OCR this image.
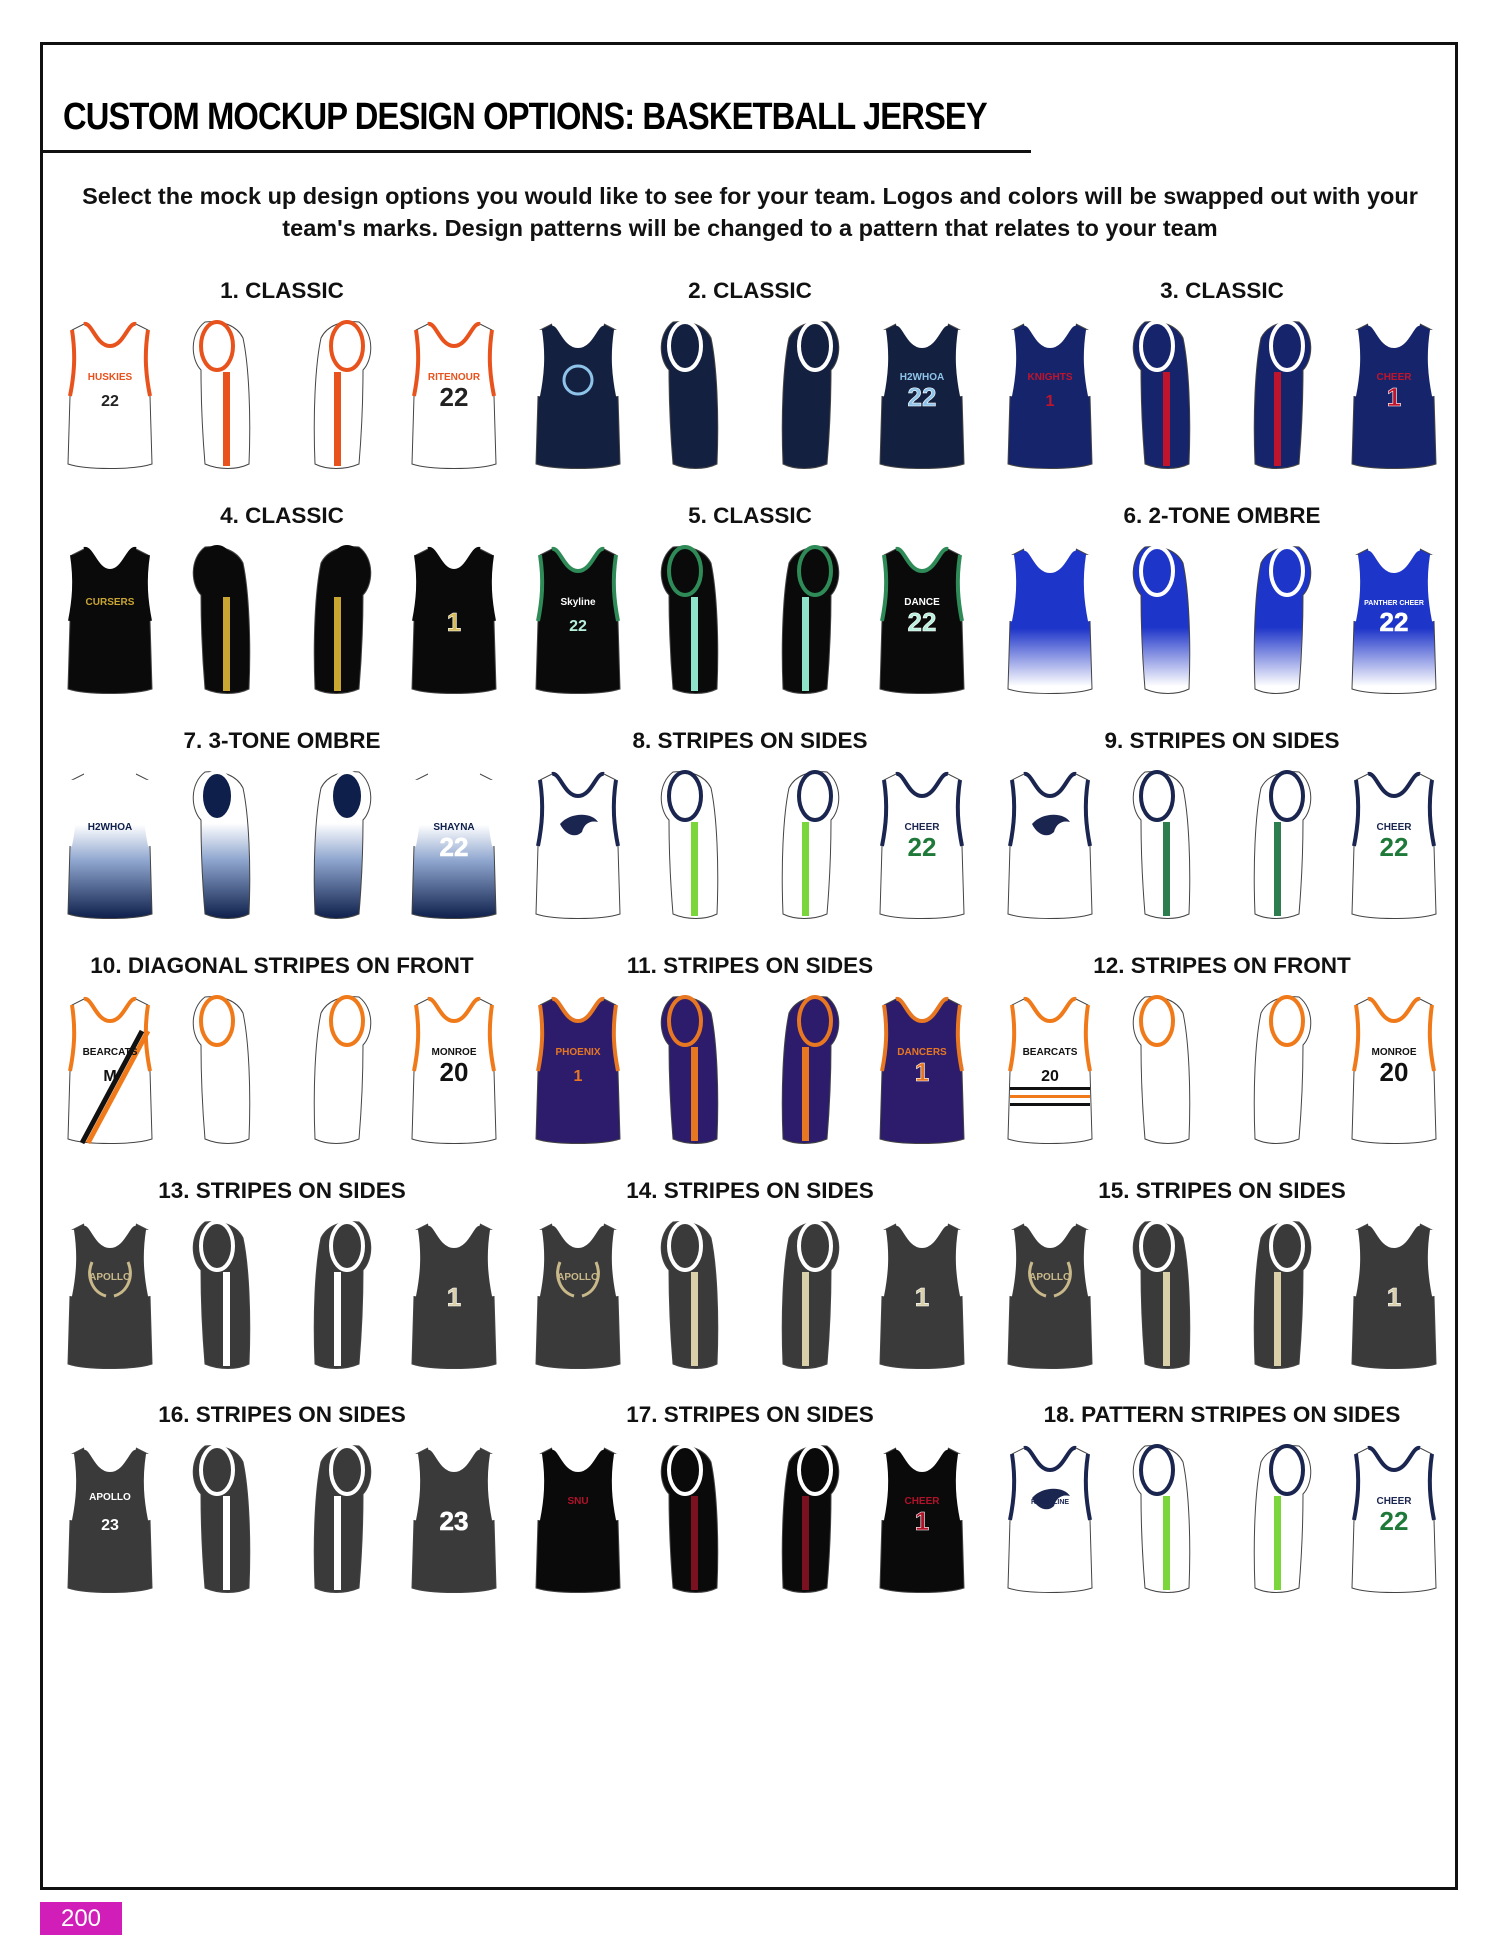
CUSTOM MOCKUP DESIGN OPTIONS: BASKETBALL JERSEY
Select the mock up design options you would like to see for your team. Logos and colors will be swapped out with your team's marks. Design patterns will be changed to a pattern that relates to your team
1. CLASSIC
HUSKIES
22
RITENOUR
22
2. CLASSIC
H2WHOA
22
3. CLASSIC
KNIGHTS
1
CHEER
1
4. CLASSIC
CURSERS
1
5. CLASSIC
Skyline
22
DANCE
22
6. 2-TONE OMBRE
PANTHER CHEER
22
7. 3-TONE OMBRE
H2WHOA	SHAYNA
22
8. STRIPES ON SIDES
CHEER
22
9. STRIPES ON SIDES
CHEER
22
10. DIAGONAL STRIPES ON FRONT
BEARCATS
M
MONROE
20
11. STRIPES ON SIDES
PHOENIX
1
DANCERS
1
12. STRIPES ON FRONT
BEARCATS
20
MONROE
20
13. STRIPES ON SIDES
APOLLO
1
14. STRIPES ON SIDES
APOLLO
1
15. STRIPES ON SIDES
APOLLO
1
16. STRIPES ON SIDES
APOLLO
23	23
17. STRIPES ON SIDES
SNU	CHEER
1
18. PATTERN STRIPES ON SIDES
RIDGELINE	CHEER
22
200
